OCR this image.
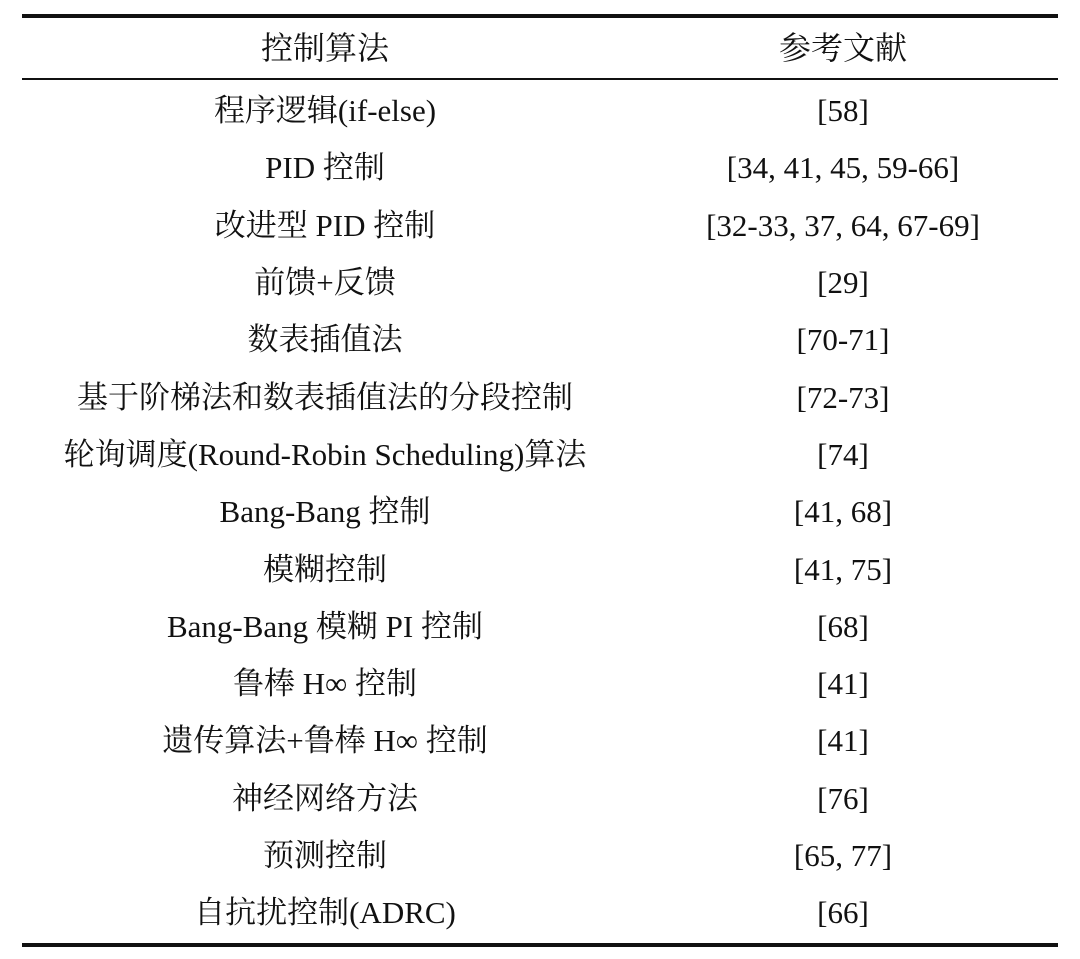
控制算法	参考文献
程序逻辑(if-else)	[58]
PID 控制	[34, 41, 45, 59-66]
改进型 PID 控制	[32-33, 37, 64, 67-69]
前馈+反馈	[29]
数表插值法	[70-71]
基于阶梯法和数表插值法的分段控制	[72-73]
轮询调度(Round-Robin Scheduling)算法	[74]
Bang-Bang 控制	[41, 68]
模糊控制	[41, 75]
Bang-Bang 模糊 PI 控制	[68]
鲁棒 H∞ 控制	[41]
遗传算法+鲁棒 H∞ 控制	[41]
神经网络方法	[76]
预测控制	[65, 77]
自抗扰控制(ADRC)	[66]
